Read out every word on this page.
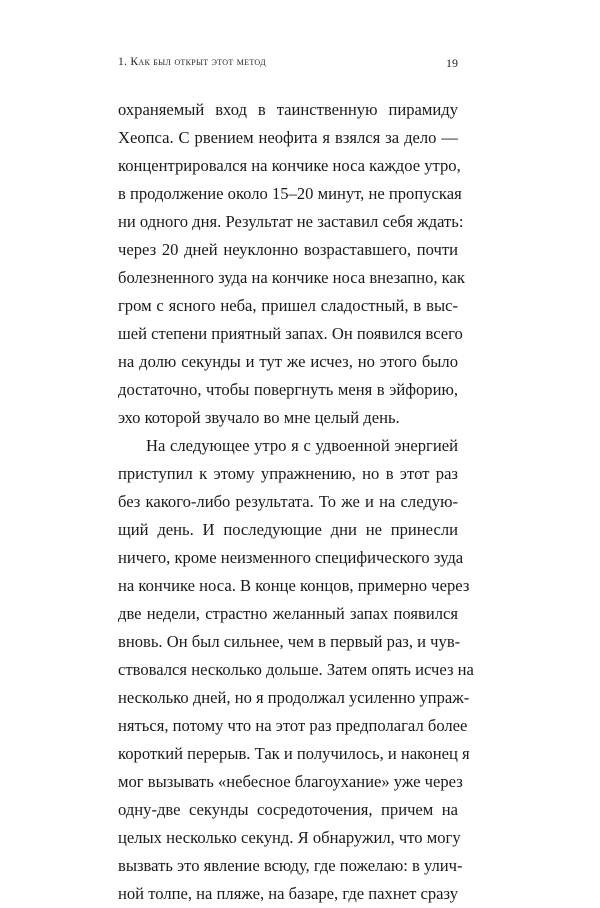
1. Как был открыт этот метод	19
охраняемый вход в таинственную пирамиду
Хеопса. С рвением неофита я взялся за дело —
концентрировался на кончике носа каждое утро,
в продолжение около 15–20 минут, не пропуская
ни одного дня. Результат не заставил себя ждать:
через 20 дней неуклонно возраставшего, почти
болезненного зуда на кончике носа внезапно, как
гром с ясного неба, пришел сладостный, в выс-
шей степени приятный запах. Он появился всего
на долю секунды и тут же исчез, но этого было
достаточно, чтобы повергнуть меня в эйфорию,
эхо которой звучало во мне целый день.
На следующее утро я с удвоенной энергией
приступил к этому упражнению, но в этот раз
без какого-либо результата. То же и на следую-
щий день. И последующие дни не принесли
ничего, кроме неизменного специфического зуда
на кончике носа. В конце концов, примерно через
две недели, страстно желанный запах появился
вновь. Он был сильнее, чем в первый раз, и чув-
ствовался несколько дольше. Затем опять исчез на
несколько дней, но я продолжал усиленно упраж-
няться, потому что на этот раз предполагал более
короткий перерыв. Так и получилось, и наконец я
мог вызывать «небесное благоухание» уже через
одну-две секунды сосредоточения, причем на
целых несколько секунд. Я обнаружил, что могу
вызвать это явление всюду, где пожелаю: в улич-
ной толпе, на пляже, на базаре, где пахнет сразу
